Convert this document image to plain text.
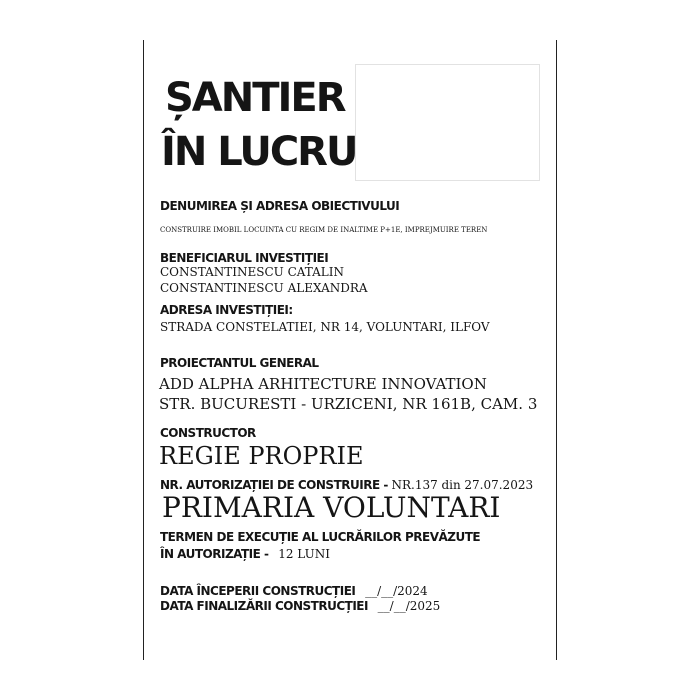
ȘANTIER
ÎN LUCRU
DENUMIREA ȘI ADRESA OBIECTIVULUI
CONSTRUIRE IMOBIL LOCUINTA CU REGIM DE INALTIME P+1E, IMPREJMUIRE TEREN
BENEFICIARUL INVESTIȚIEI
CONSTANTINESCU CATALIN
CONSTANTINESCU ALEXANDRA
ADRESA INVESTIȚIEI:
STRADA CONSTELATIEI, NR 14, VOLUNTARI, ILFOV
PROIECTANTUL GENERAL
ADD ALPHA ARHITECTURE INNOVATION
STR. BUCURESTI - URZICENI, NR 161B, CAM. 3
CONSTRUCTOR
REGIE PROPRIE
NR. AUTORIZAȚIEI DE CONSTRUIRE - NR.137 din 27.07.2023
PRIMARIA VOLUNTARI
TERMEN DE EXECUȚIE AL LUCRĂRILOR PREVĂZUTE
ÎN AUTORIZAȚIE - 12 LUNI
DATA ÎNCEPERII CONSTRUCȚIEI __/__/2024
DATA FINALIZĂRII CONSTRUCȚIEI __/__/2025
